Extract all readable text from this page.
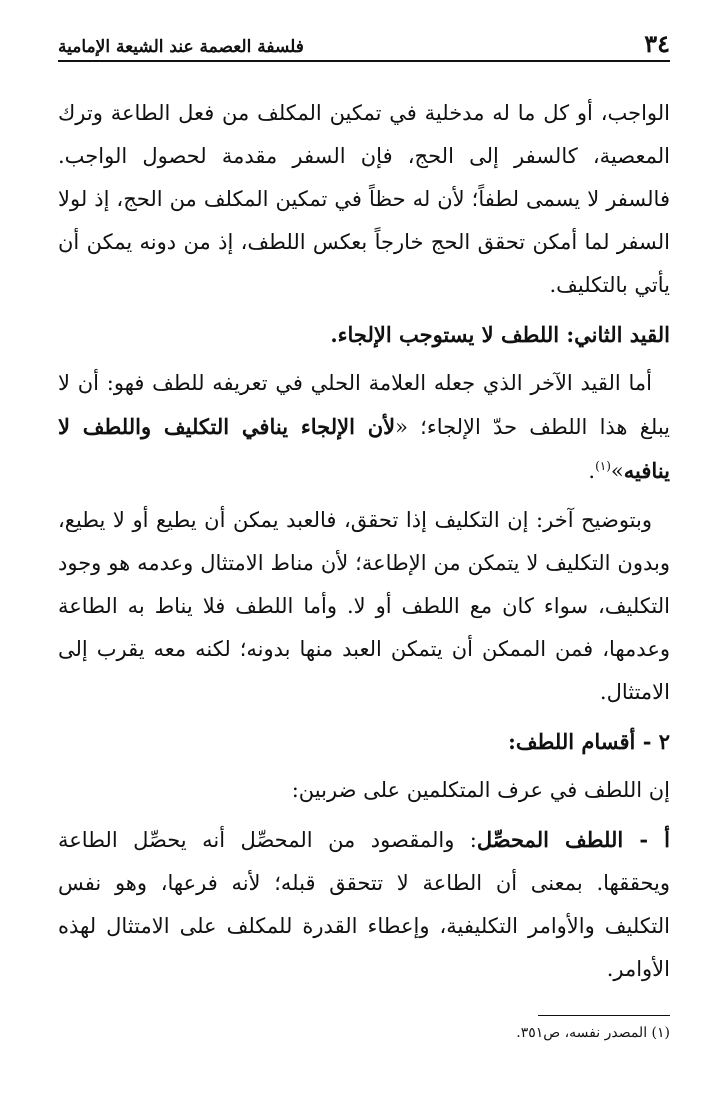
٣٤
فلسفة العصمة عند الشيعة الإمامية

الواجب، أو كل ما له مدخلية في تمكين المكلف من فعل الطاعة وترك المعصية، كالسفر إلى الحج، فإن السفر مقدمة لحصول الواجب. فالسفر لا يسمى لطفاً؛ لأن له حظاً في تمكين المكلف من الحج، إذ لولا السفر لما أمكن تحقق الحج خارجاً بعكس اللطف، إذ من دونه يمكن أن يأتي بالتكليف.

القيد الثاني: اللطف لا يستوجب الإلجاء.

أما القيد الآخر الذي جعله العلامة الحلي في تعريفه للطف فهو: أن لا يبلغ هذا اللطف حدّ الإلجاء؛ «لأن الإلجاء ينافي التكليف واللطف لا ينافيه»$^{(١)}$.

وبتوضيح آخر: إن التكليف إذا تحقق، فالعبد يمكن أن يطيع أو لا يطيع، وبدون التكليف لا يتمكن من الإطاعة؛ لأن مناط الامتثال وعدمه هو وجود التكليف، سواء كان مع اللطف أو لا. وأما اللطف فلا يناط به الطاعة وعدمها، فمن الممكن أن يتمكن العبد منها بدونه؛ لكنه معه يقرب إلى الامتثال.

٢ - أقسام اللطف:

إن اللطف في عرف المتكلمين على ضربين:

أ - اللطف المحصِّل: والمقصود من المحصِّل أنه يحصِّل الطاعة ويحققها. بمعنى أن الطاعة لا تتحقق قبله؛ لأنه فرعها، وهو نفس التكليف والأوامر التكليفية، وإعطاء القدرة للمكلف على الامتثال لهذه الأوامر.

(١) المصدر نفسه، ص٣٥١.
